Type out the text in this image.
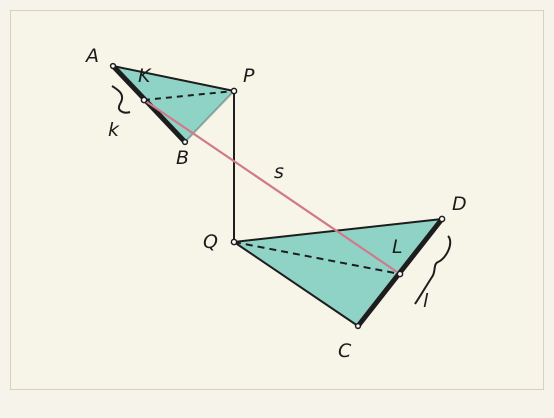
A
K	P
B
k
s
Q
D
L
l
C
